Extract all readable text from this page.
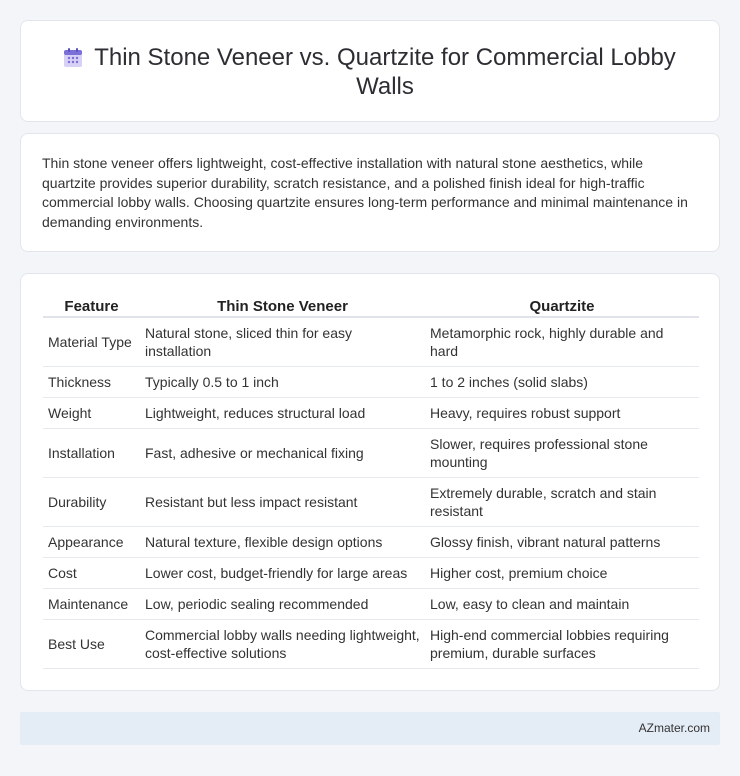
Thin Stone Veneer vs. Quartzite for Commercial Lobby Walls

Thin stone veneer offers lightweight, cost-effective installation with natural stone aesthetics, while quartzite provides superior durability, scratch resistance, and a polished finish ideal for high-traffic commercial lobby walls. Choosing quartzite ensures long-term performance and minimal maintenance in demanding environments.

Feature	Thin Stone Veneer	Quartzite
Material Type	Natural stone, sliced thin for easy installation	Metamorphic rock, highly durable and hard
Thickness	Typically 0.5 to 1 inch	1 to 2 inches (solid slabs)
Weight	Lightweight, reduces structural load	Heavy, requires robust support
Installation	Fast, adhesive or mechanical fixing	Slower, requires professional stone mounting
Durability	Resistant but less impact resistant	Extremely durable, scratch and stain resistant
Appearance	Natural texture, flexible design options	Glossy finish, vibrant natural patterns
Cost	Lower cost, budget-friendly for large areas	Higher cost, premium choice
Maintenance	Low, periodic sealing recommended	Low, easy to clean and maintain
Best Use	Commercial lobby walls needing lightweight, cost-effective solutions	High-end commercial lobbies requiring premium, durable surfaces
AZmater.com
